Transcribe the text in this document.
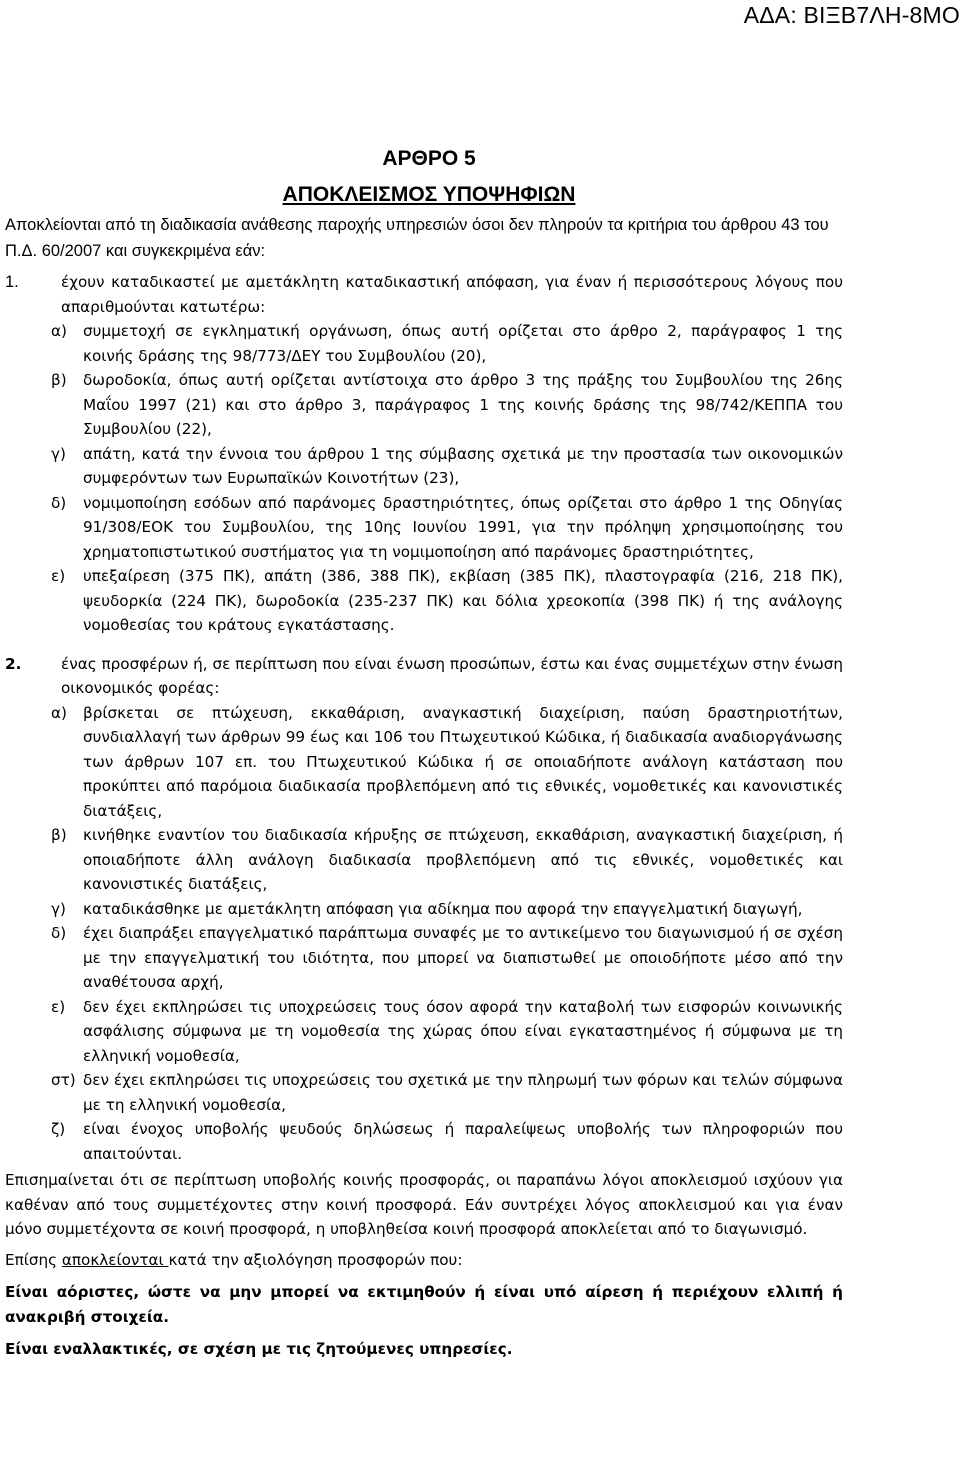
ΑΔΑ: ΒΙΞΒ7ΛΗ-8ΜΟ
ΑΡΘΡΟ 5
ΑΠΟΚΛΕΙΣΜΟΣ ΥΠΟΨΗΦΙΩΝ
Αποκλείονται από τη διαδικασία ανάθεσης παροχής υπηρεσιών όσοι δεν πληρούν τα κριτήρια του άρθρου 43 του Π.Δ. 60/2007 και συγκεκριμένα εάν:
1.	έχουν καταδικαστεί με αμετάκλητη καταδικαστική απόφαση, για έναν ή περισσότερους λόγους που απαριθμούνται κατωτέρω:
α) συμμετοχή σε εγκληματική οργάνωση, όπως αυτή ορίζεται στο άρθρο 2, παράγραφος 1 της κοινής δράσης της 98/773/ΔΕΥ του Συμβουλίου (20),
β) δωροδοκία, όπως αυτή ορίζεται αντίστοιχα στο άρθρο 3 της πράξης του Συμβουλίου της 26ης Μαΐου 1997 (21) και στο άρθρο 3, παράγραφος 1 της κοινής δράσης της 98/742/ΚΕΠΠΑ του Συμβουλίου (22),
γ) απάτη, κατά την έννοια του άρθρου 1 της σύμβασης σχετικά με την προστασία των οικονομικών συμφερόντων των Ευρωπαϊκών Κοινοτήτων (23),
δ) νομιμοποίηση εσόδων από παράνομες δραστηριότητες, όπως ορίζεται στο άρθρο 1 της Οδηγίας 91/308/ΕΟΚ του Συμβουλίου, της 10ης Ιουνίου 1991, για την πρόληψη χρησιμοποίησης του χρηματοπιστωτικού συστήματος για τη νομιμοποίηση από παράνομες δραστηριότητες,
ε) υπεξαίρεση (375 ΠΚ), απάτη (386, 388 ΠΚ), εκβίαση (385 ΠΚ), πλαστογραφία (216, 218 ΠΚ), ψευδορκία (224 ΠΚ), δωροδοκία (235-237 ΠΚ) και δόλια χρεοκοπία (398 ΠΚ) ή της ανάλογης νομοθεσίας του κράτους εγκατάστασης.
2.	ένας προσφέρων ή, σε περίπτωση που είναι ένωση προσώπων, έστω και ένας συμμετέχων στην ένωση οικονομικός φορέας:
α) βρίσκεται σε πτώχευση, εκκαθάριση, αναγκαστική διαχείριση, παύση δραστηριοτήτων, συνδιαλλαγή των άρθρων 99 έως και 106 του Πτωχευτικού Κώδικα, ή διαδικασία αναδιοργάνωσης των άρθρων 107 επ. του Πτωχευτικού Κώδικα ή σε οποιαδήποτε ανάλογη κατάσταση που προκύπτει από παρόμοια διαδικασία προβλεπόμενη από τις εθνικές, νομοθετικές και κανονιστικές διατάξεις,
β) κινήθηκε εναντίον του διαδικασία κήρυξης σε πτώχευση, εκκαθάριση, αναγκαστική διαχείριση, ή οποιαδήποτε άλλη ανάλογη διαδικασία προβλεπόμενη από τις εθνικές, νομοθετικές και κανονιστικές διατάξεις,
γ) καταδικάσθηκε με αμετάκλητη απόφαση για αδίκημα που αφορά την επαγγελματική διαγωγή,
δ) έχει διαπράξει επαγγελματικό παράπτωμα συναφές με το αντικείμενο του διαγωνισμού ή σε σχέση με την επαγγελματική του ιδιότητα, που μπορεί να διαπιστωθεί με οποιοδήποτε μέσο από την αναθέτουσα αρχή,
ε) δεν έχει εκπληρώσει τις υποχρεώσεις τους όσον αφορά την καταβολή των εισφορών κοινωνικής ασφάλισης σύμφωνα με τη νομοθεσία της χώρας όπου είναι εγκαταστημένος ή σύμφωνα με τη ελληνική νομοθεσία,
στ) δεν έχει εκπληρώσει τις υποχρεώσεις του σχετικά με την πληρωμή των φόρων και τελών σύμφωνα με τη ελληνική νομοθεσία,
ζ) είναι ένοχος υποβολής ψευδούς δηλώσεως ή παραλείψεως υποβολής των πληροφοριών που απαιτούνται.
Επισημαίνεται ότι σε περίπτωση υποβολής κοινής προσφοράς, οι παραπάνω λόγοι αποκλεισμού ισχύουν για καθέναν από τους συμμετέχοντες στην κοινή προσφορά. Εάν συντρέχει λόγος αποκλεισμού και για έναν μόνο συμμετέχοντα σε κοινή προσφορά, η υποβληθείσα κοινή προσφορά αποκλείεται από το διαγωνισμό.
Επίσης αποκλείονται κατά την αξιολόγηση προσφορών που:
Είναι αόριστες, ώστε να μην μπορεί να εκτιμηθούν ή είναι υπό αίρεση ή περιέχουν ελλιπή ή ανακριβή στοιχεία.
Είναι εναλλακτικές, σε σχέση με τις ζητούμενες υπηρεσίες.
